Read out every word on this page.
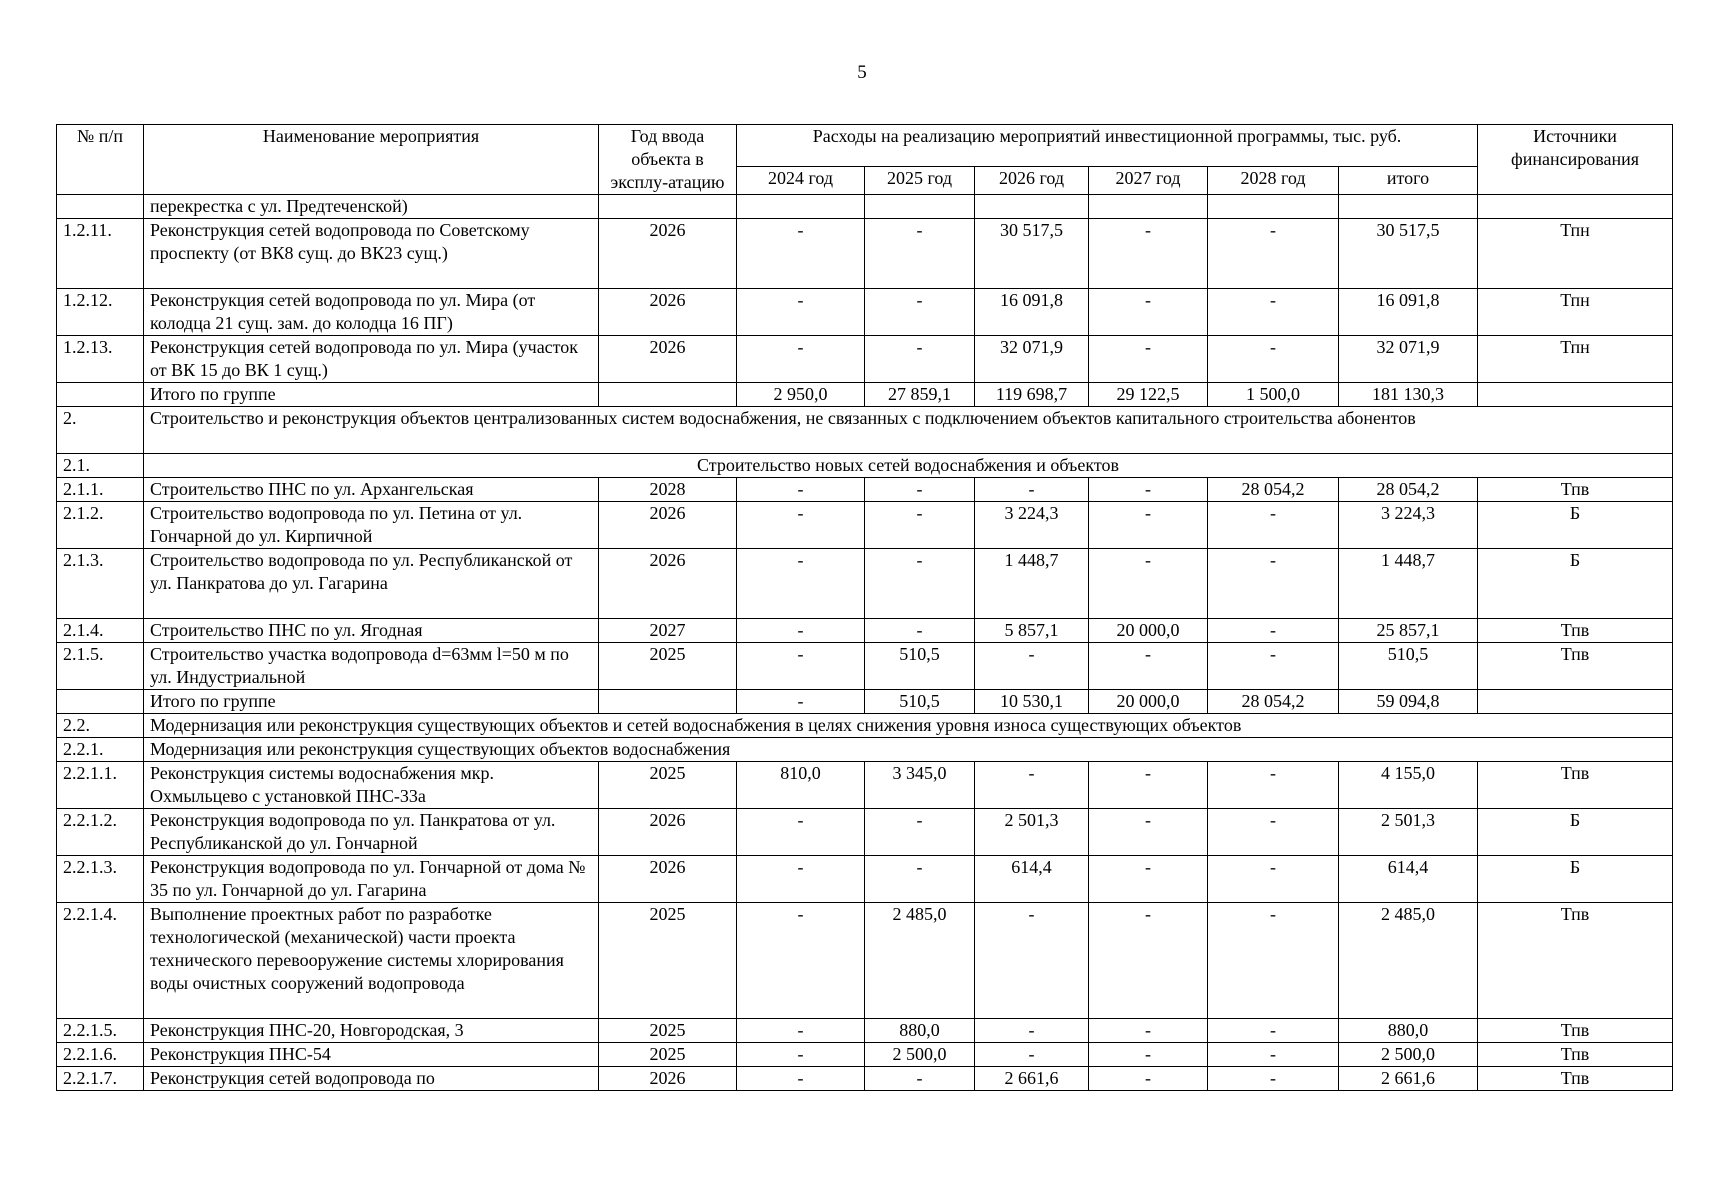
5
№ п/п	Наименование мероприятия	Год ввода объекта в эксплу-атацию	Расходы на реализацию мероприятий инвестиционной программы, тыс. руб.						Источники финансирования
			2024 год	2025 год	2026 год	2027 год	2028 год	итого	
	перекрестка с ул. Предтеченской)								
1.2.11.	Реконструкция сетей водопровода по Советскому проспекту (от ВК8 сущ. до ВК23 сущ.)	2026	-	-	30 517,5	-	-	30 517,5	Тпн
1.2.12.	Реконструкция сетей водопровода по ул. Мира (от колодца 21 сущ. зам. до колодца 16 ПГ)	2026	-	-	16 091,8	-	-	16 091,8	Тпн
1.2.13.	Реконструкция сетей водопровода по ул. Мира (участок от ВК 15 до ВК 1 сущ.)	2026	-	-	32 071,9	-	-	32 071,9	Тпн
	Итого по группе		2 950,0	27 859,1	119 698,7	29 122,5	1 500,0	181 130,3	
2.	Строительство и реконструкция объектов централизованных систем водоснабжения, не связанных с подключением объектов капитального строительства абонентов								
2.1.	Строительство новых сетей водоснабжения и объектов								
2.1.1.	Строительство ПНС по ул. Архангельская	2028	-	-	-	-	28 054,2	28 054,2	Тпв
2.1.2.	Строительство водопровода по ул. Петина от ул. Гончарной до ул. Кирпичной	2026	-	-	3 224,3	-	-	3 224,3	Б
2.1.3.	Строительство водопровода по ул. Республиканской от ул. Панкратова до ул. Гагарина	2026	-	-	1 448,7	-	-	1 448,7	Б
2.1.4.	Строительство ПНС по ул. Ягодная	2027	-	-	5 857,1	20 000,0	-	25 857,1	Тпв
2.1.5.	Строительство участка водопровода d=63мм l=50 м по ул. Индустриальной	2025	-	510,5	-	-	-	510,5	Тпв
	Итого по группе		-	510,5	10 530,1	20 000,0	28 054,2	59 094,8	
2.2.	Модернизация или реконструкция существующих объектов и сетей водоснабжения в целях снижения уровня износа существующих объектов								
2.2.1.	Модернизация или реконструкция существующих объектов водоснабжения								
2.2.1.1.	Реконструкция системы водоснабжения мкр. Охмыльцево с установкой ПНС-33а	2025	810,0	3 345,0	-	-	-	4 155,0	Тпв
2.2.1.2.	Реконструкция водопровода по ул. Панкратова от ул. Республиканской до ул. Гончарной	2026	-	-	2 501,3	-	-	2 501,3	Б
2.2.1.3.	Реконструкция водопровода по ул. Гончарной от дома № 35 по ул. Гончарной до ул. Гагарина	2026	-	-	614,4	-	-	614,4	Б
2.2.1.4.	Выполнение проектных работ по разработке технологической (механической) части проекта технического перевооружение системы хлорирования воды очистных сооружений водопровода	2025	-	2 485,0	-	-	-	2 485,0	Тпв
2.2.1.5.	Реконструкция ПНС-20, Новгородская, 3	2025	-	880,0	-	-	-	880,0	Тпв
2.2.1.6.	Реконструкция ПНС-54	2025	-	2 500,0	-	-	-	2 500,0	Тпв
2.2.1.7.	Реконструкция сетей водопровода по	2026	-	-	2 661,6	-	-	2 661,6	Тпв
